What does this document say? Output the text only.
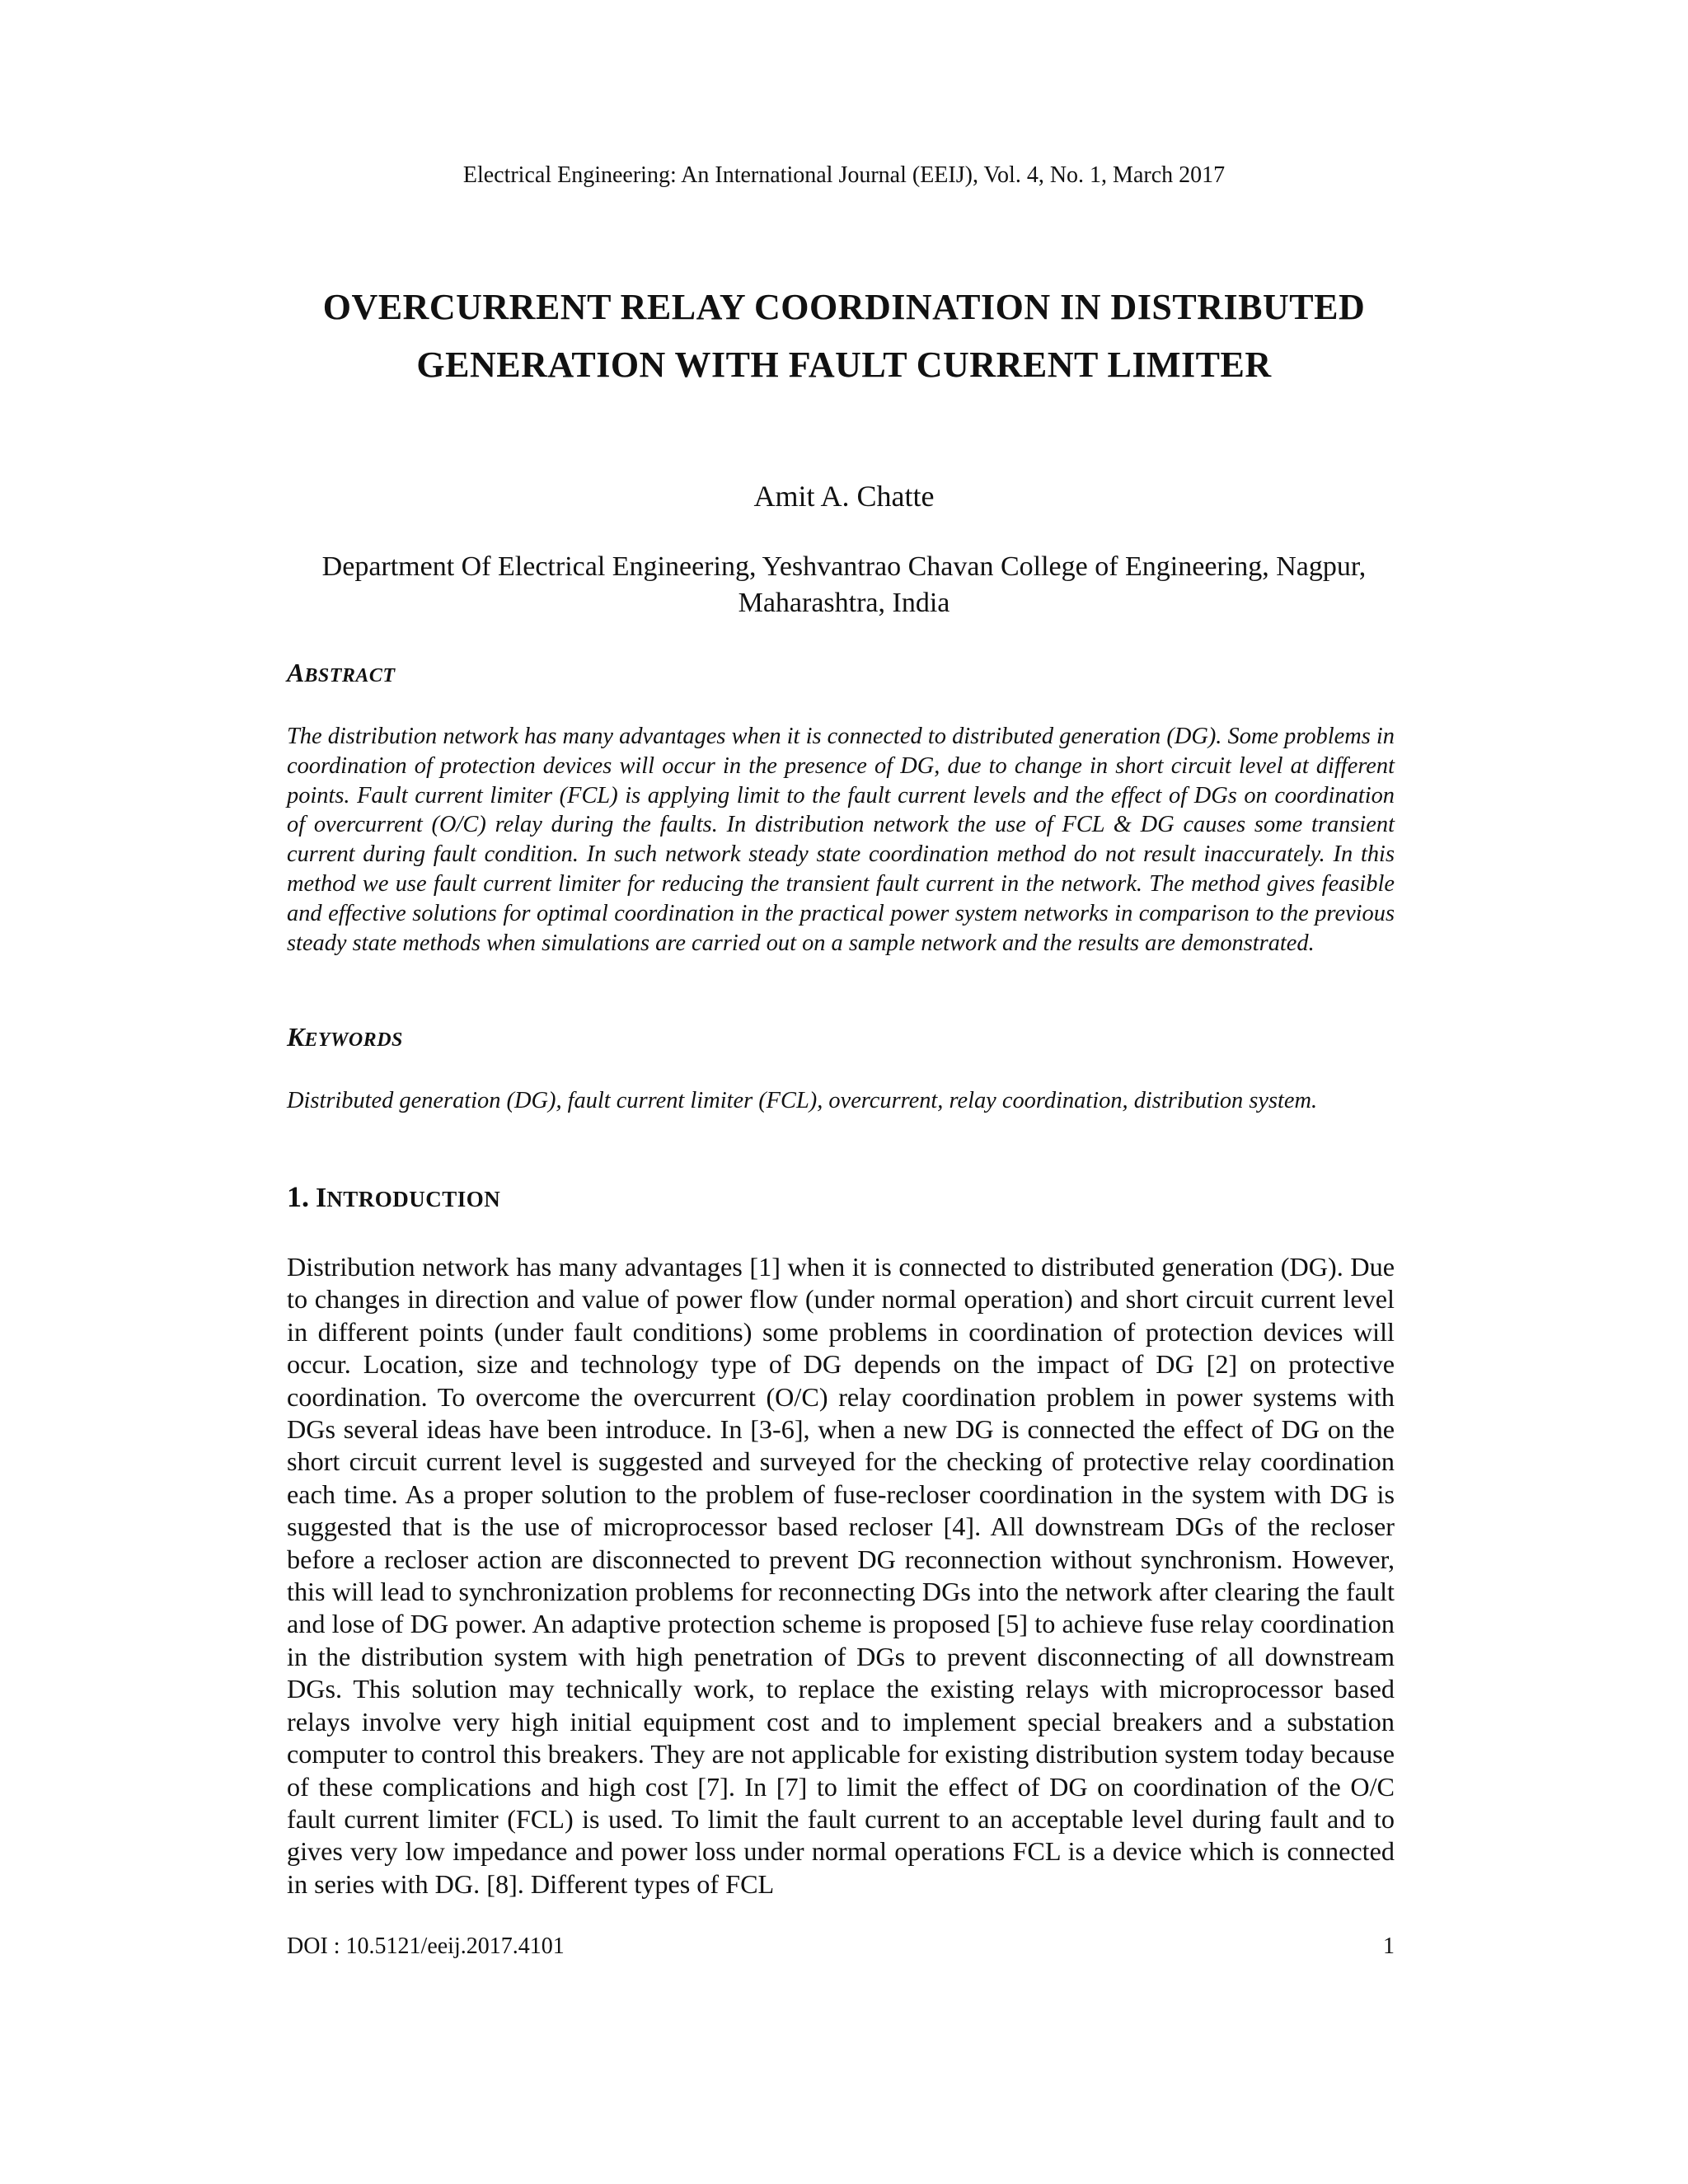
Electrical Engineering: An International Journal (EEIJ), Vol. 4, No. 1, March 2017
OVERCURRENT RELAY COORDINATION IN DISTRIBUTED GENERATION WITH FAULT CURRENT LIMITER
Amit A. Chatte
Department Of Electrical Engineering, Yeshvantrao Chavan College of Engineering, Nagpur, Maharashtra, India
ABSTRACT
The distribution network has many advantages when it is connected to distributed generation (DG). Some problems in coordination of protection devices will occur in the presence of DG, due to change in short circuit level at different points. Fault current limiter (FCL) is applying limit to the fault current levels and the effect of DGs on coordination of overcurrent (O/C) relay during the faults. In distribution network the use of FCL & DG causes some transient current during fault condition. In such network steady state coordination method do not result inaccurately. In this method we use fault current limiter for reducing the transient fault current in the network. The method gives feasible and effective solutions for optimal coordination in the practical power system networks in comparison to the previous steady state methods when simulations are carried out on a sample network and the results are demonstrated.
KEYWORDS
Distributed generation (DG), fault current limiter (FCL), overcurrent, relay coordination, distribution system.
1. INTRODUCTION
Distribution network has many advantages [1] when it is connected to distributed generation (DG). Due to changes in direction and value of power flow (under normal operation) and short circuit current level in different points (under fault conditions) some problems in coordination of protection devices will occur. Location, size and technology type of DG depends on the impact of DG [2] on protective coordination. To overcome the overcurrent (O/C) relay coordination problem in power systems with DGs several ideas have been introduce. In [3-6], when a new DG is connected the effect of DG on the short circuit current level is suggested and surveyed for the checking of protective relay coordination each time. As a proper solution to the problem of fuse-recloser coordination in the system with DG is suggested that is the use of microprocessor based recloser [4]. All downstream DGs of the recloser before a recloser action are disconnected to prevent DG reconnection without synchronism. However, this will lead to synchronization problems for reconnecting DGs into the network after clearing the fault and lose of DG power. An adaptive protection scheme is proposed [5] to achieve fuse relay coordination in the distribution system with high penetration of DGs to prevent disconnecting of all downstream DGs. This solution may technically work, to replace the existing relays with microprocessor based relays involve very high initial equipment cost and to implement special breakers and a substation computer to control this breakers. They are not applicable for existing distribution system today because of these complications and high cost [7]. In [7] to limit the effect of DG on coordination of the O/C fault current limiter (FCL) is used. To limit the fault current to an acceptable level during fault and to gives very low impedance and power loss under normal operations FCL is a device which is connected in series with DG. [8]. Different types of FCL
DOI : 10.5121/eeij.2017.4101	1
